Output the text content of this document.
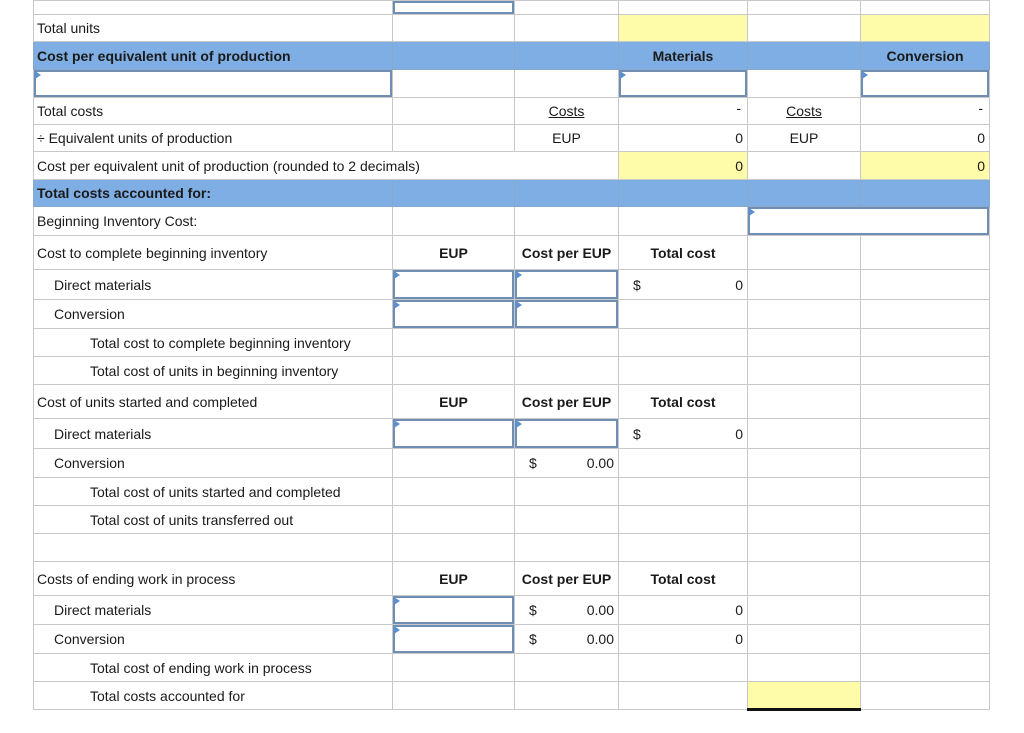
Total units					
Cost per equivalent unit of production			Materials		Conversion

Total costs		Costs	-	Costs	-

÷ Equivalent units of production		EUP	0	EUP	0
Cost per equivalent unit of production (rounded to 2 decimals)			0		0
Total costs accounted for:					
Beginning Inventory Cost:					
Cost to complete beginning inventory	EUP	Cost per EUP	Total cost		
Direct materials			$ 0		

Conversion					
Total cost to complete beginning inventory					
Total cost of units in beginning inventory					
Cost of units started and completed	EUP	Cost per EUP	Total cost		
Direct materials			$ 0		

Conversion		$ 0.00			

Total cost of units started and completed					
Total cost of units transferred out					

Costs of ending work in process	EUP	Cost per EUP	Total cost		
Direct materials		$ 0.00	0		
Conversion		$ 0.00	0		
Total cost of ending work in process					
Total costs accounted for					
